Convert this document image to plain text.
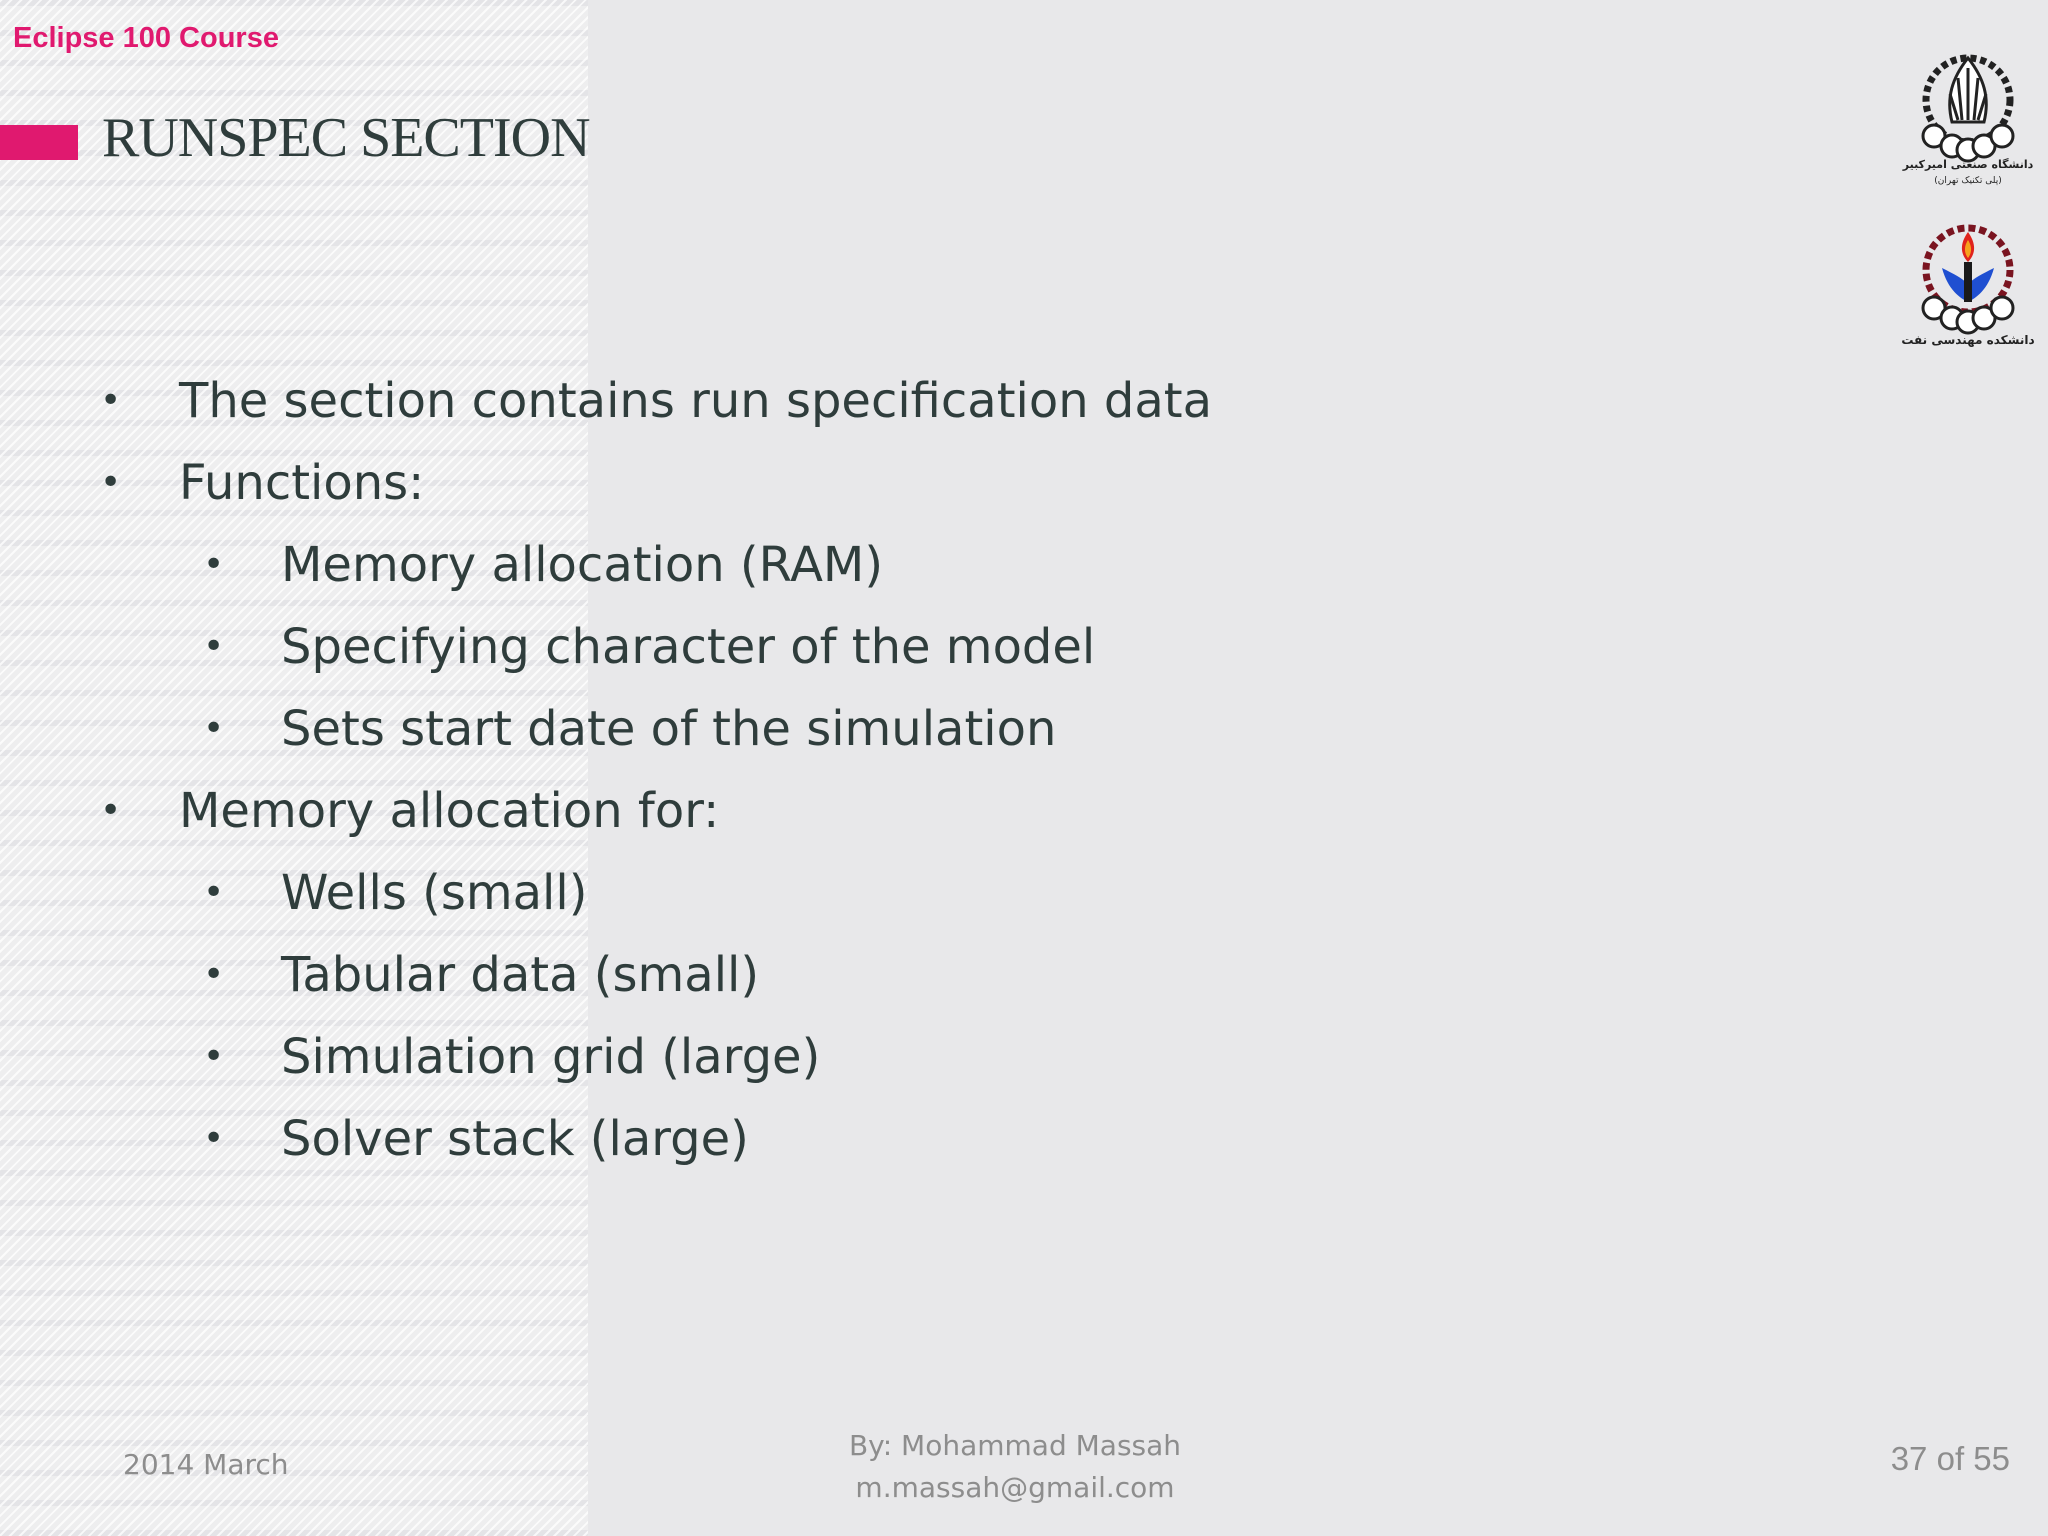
Eclipse 100 Course
RUNSPEC SECTION
• The section contains run specification data
• Functions:
• Memory allocation (RAM)
• Specifying character of the model
• Sets start date of the simulation
• Memory allocation for:
• Wells (small)
• Tabular data (small)
• Simulation grid (large)
• Solver stack (large)
دانشگاه صنعتی امیرکبیر
(پلی تکنیک تهران)
دانشکده مهندسی نفت
2014 March
By: Mohammad Massah
m.massah@gmail.com
37 of 55
